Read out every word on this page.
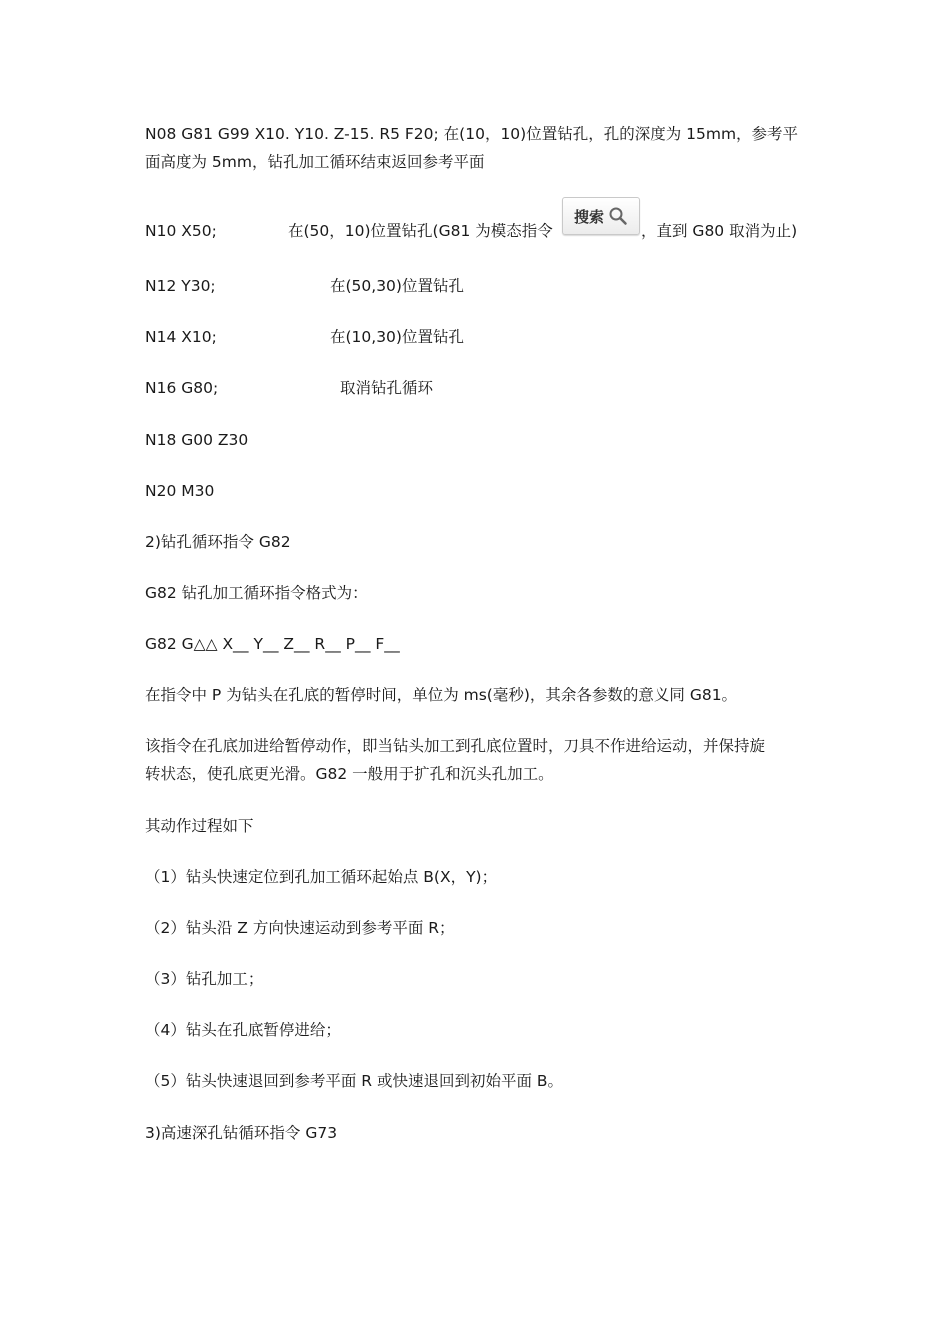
N08 G81 G99 X10. Y10. Z-15. R5 F20; 在(10，10)位置钻孔，孔的深度为 15mm，参考平
面高度为 5mm，钻孔加工循环结束返回参考平面
N10 X50;	在(50，10)位置钻孔(G81 为模态指令
搜索
，直到 G80 取消为止)
N12 Y30;	在(50,30)位置钻孔
N14 X10;	在(10,30)位置钻孔
N16 G80;	取消钻孔循环
N18 G00 Z30
N20 M30
2)钻孔循环指令 G82
G82 钻孔加工循环指令格式为：
G82 G△△ X__ Y__ Z__ R__ P__ F__
在指令中 P 为钻头在孔底的暂停时间，单位为 ms(毫秒)，其余各参数的意义同 G81。
该指令在孔底加进给暂停动作，即当钻头加工到孔底位置时，刀具不作进给运动，并保持旋
转状态，使孔底更光滑。G82 一般用于扩孔和沉头孔加工。
其动作过程如下
（1）钻头快速定位到孔加工循环起始点 B(X，Y)；
（2）钻头沿 Z 方向快速运动到参考平面 R；
（3）钻孔加工；
（4）钻头在孔底暂停进给；
（5）钻头快速退回到参考平面 R 或快速退回到初始平面 B。
3)高速深孔钻循环指令 G73
